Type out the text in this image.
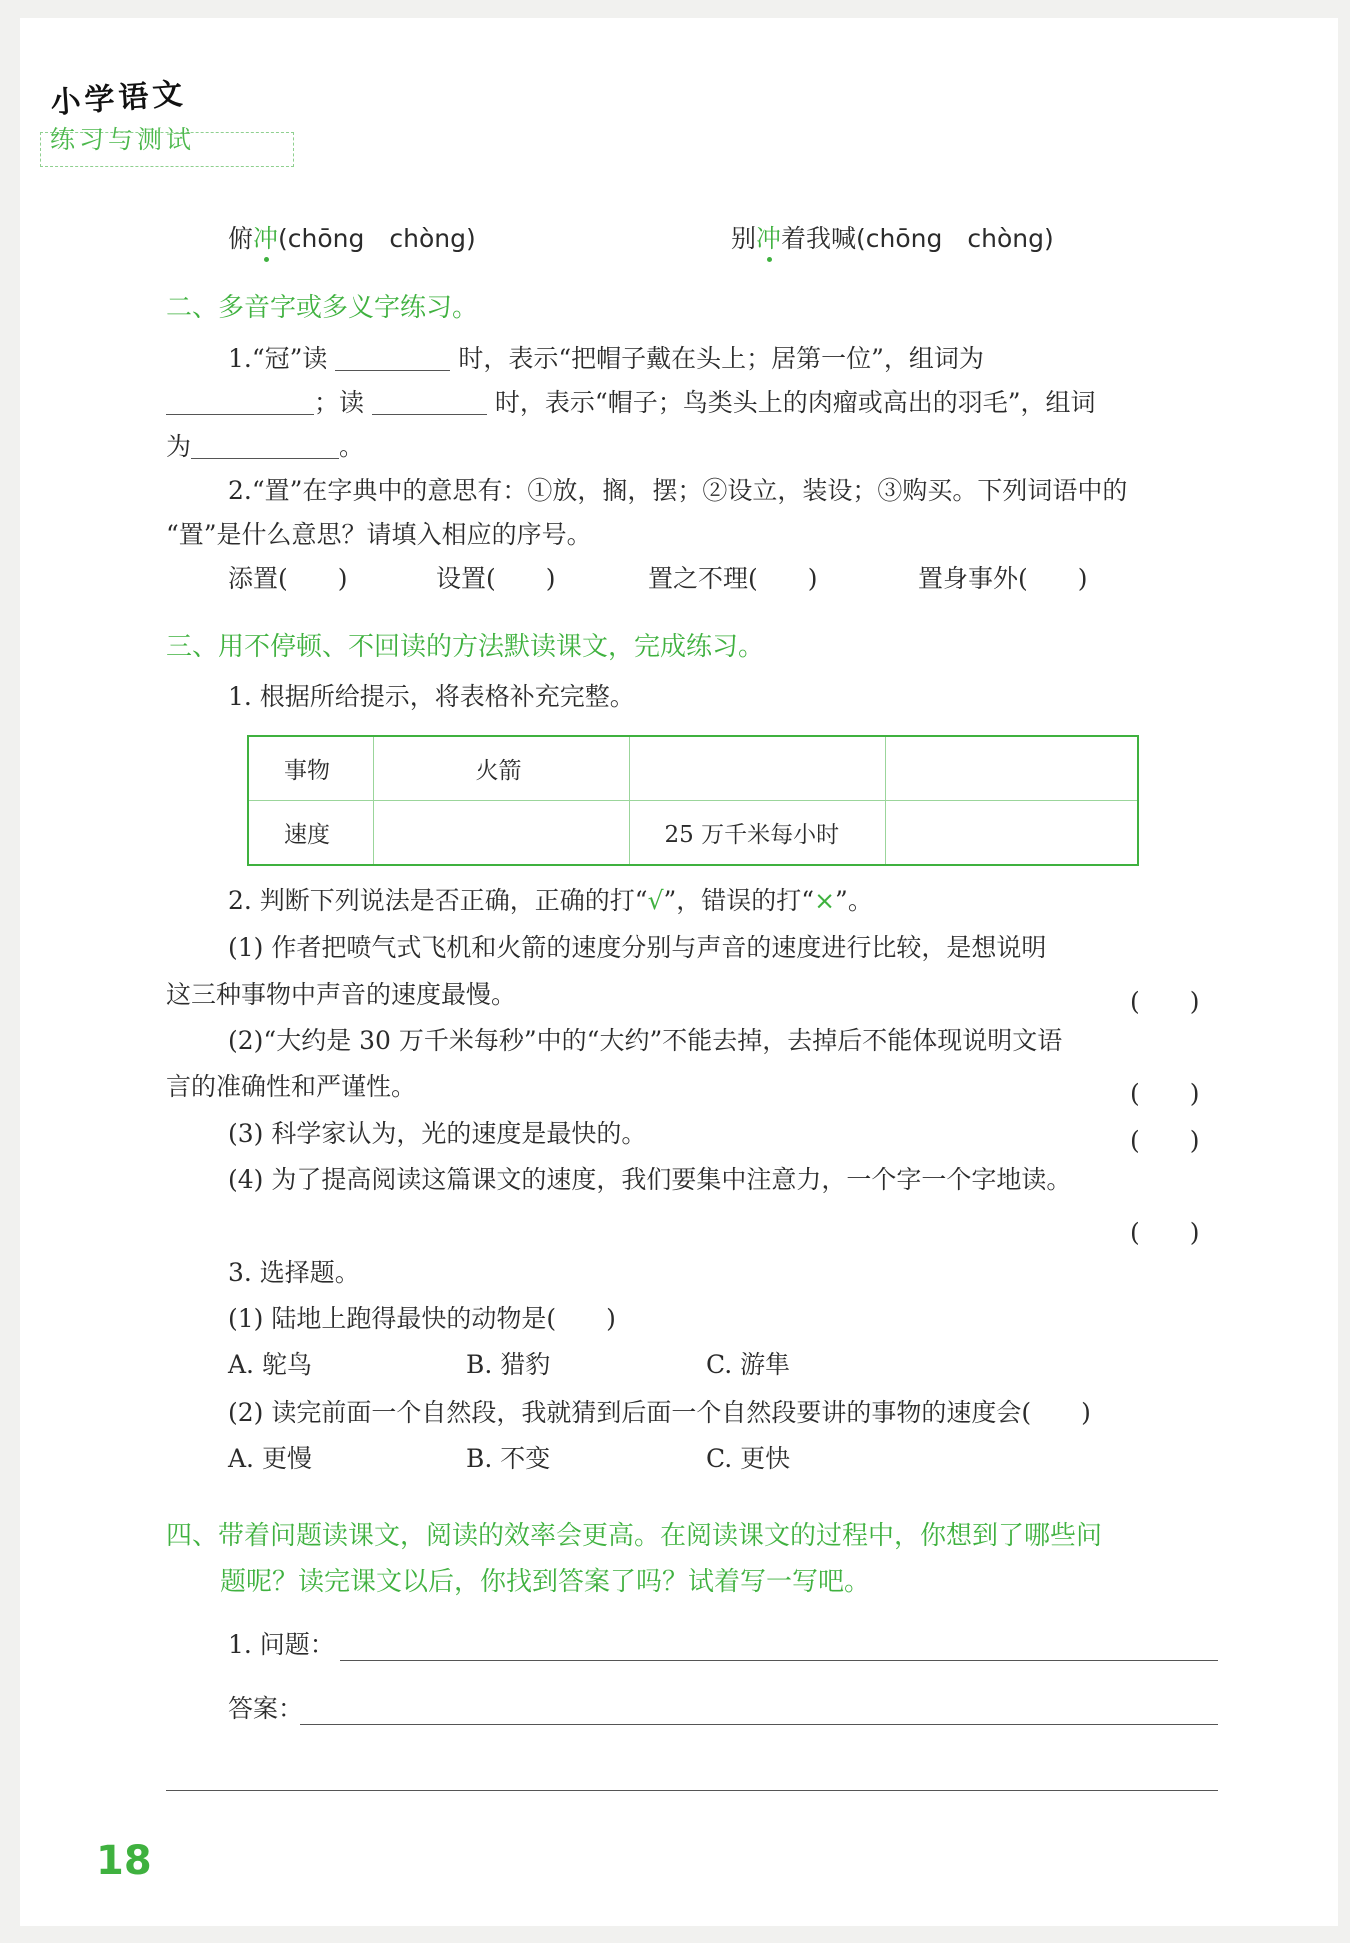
小学语文
练习与测试
俯冲(chōng　chòng)	别冲着我喊(chōng　chòng)
二、多音字或多义字练习。
1.“冠”读	时，表示“把帽子戴在头上；居第一位”，组词为
；读	时，表示“帽子；鸟类头上的肉瘤或高出的羽毛”，组词
为	。
2.“置”在字典中的意思有：①放，搁，摆；②设立，装设；③购买。下列词语中的
“置”是什么意思？请填入相应的序号。
添置(　　)	设置(　　)	置之不理(　　)	置身事外(　　)
三、用不停顿、不回读的方法默读课文，完成练习。
1. 根据所给提示，将表格补充完整。
事物	火箭		
速度		25 万千米每小时	
2. 判断下列说法是否正确，正确的打“√”，错误的打“×”。
(1) 作者把喷气式飞机和火箭的速度分别与声音的速度进行比较，是想说明
这三种事物中声音的速度最慢。	(　　)
(2)“大约是 30 万千米每秒”中的“大约”不能去掉，去掉后不能体现说明文语
言的准确性和严谨性。	(　　)
(3) 科学家认为，光的速度是最快的。	(　　)
(4) 为了提高阅读这篇课文的速度，我们要集中注意力，一个字一个字地读。
(　　)
3. 选择题。
(1) 陆地上跑得最快的动物是(　　)
A. 鸵鸟	B. 猎豹	C. 游隼
(2) 读完前面一个自然段，我就猜到后面一个自然段要讲的事物的速度会(　　)
A. 更慢	B. 不变	C. 更快
四、带着问题读课文，阅读的效率会更高。在阅读课文的过程中，你想到了哪些问
题呢？读完课文以后，你找到答案了吗？试着写一写吧。
1. 问题：
答案：
18
